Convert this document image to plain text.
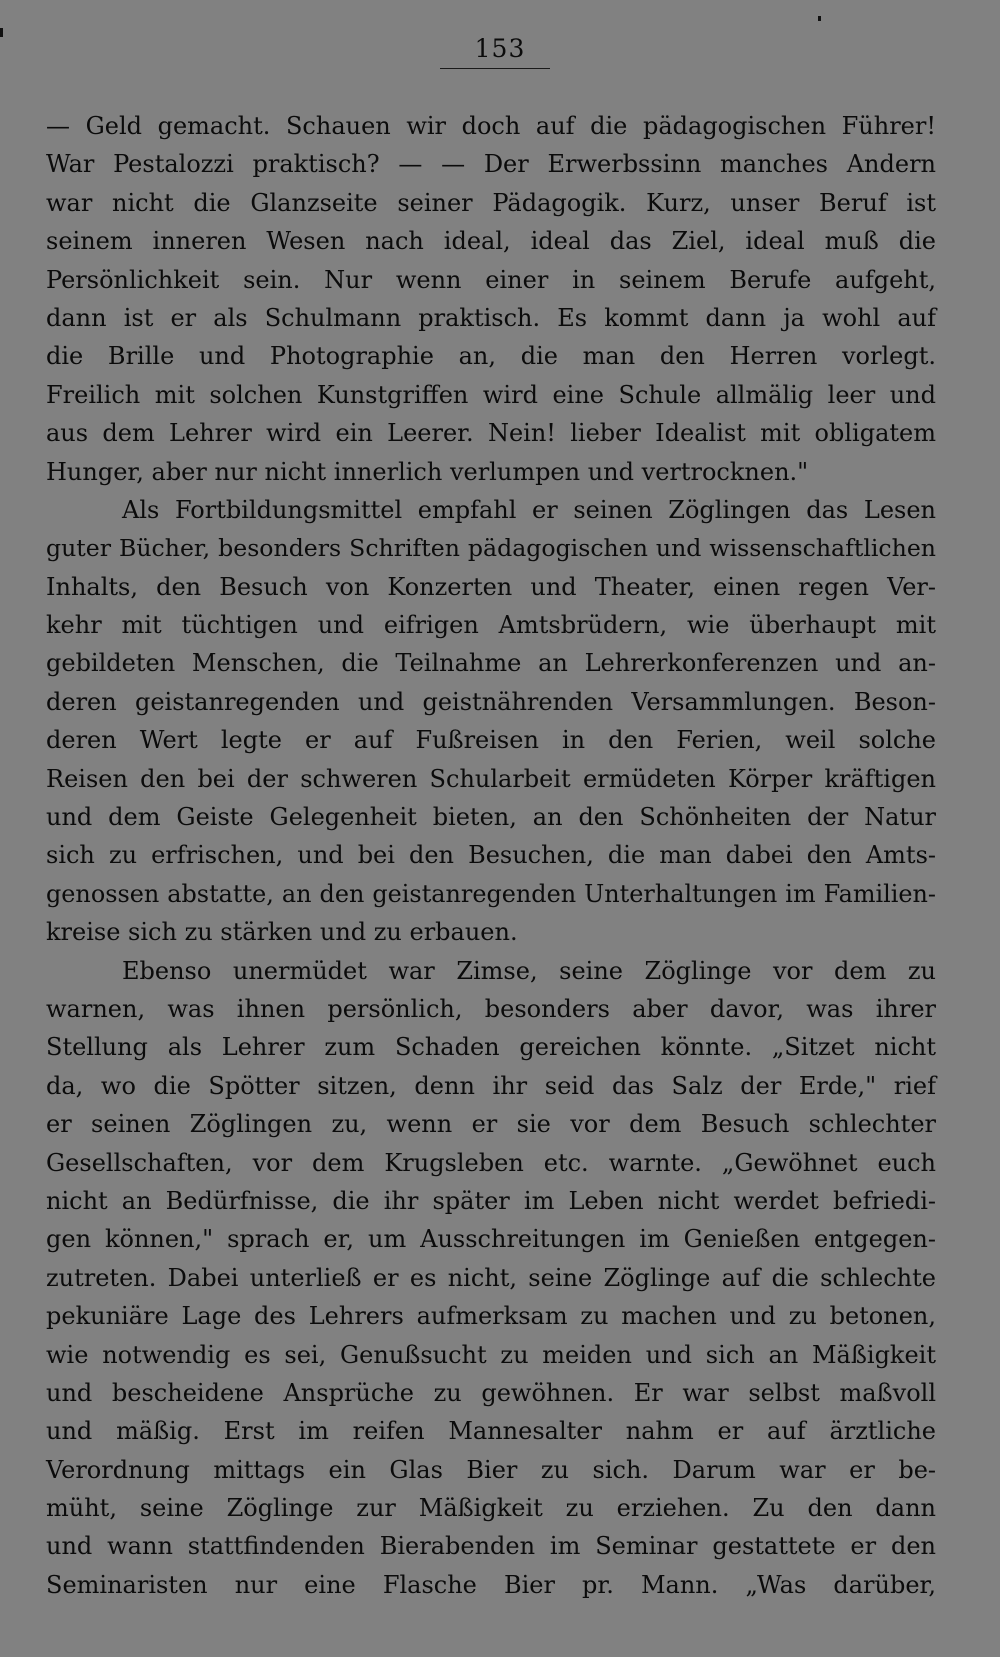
153
— Geld gemacht. Schauen wir doch auf die pädagogischen Führer!
War Pestalozzi praktisch? — — Der Erwerbssinn manches Andern
war nicht die Glanzseite seiner Pädagogik. Kurz, unser Beruf ist
seinem inneren Wesen nach ideal, ideal das Ziel, ideal muß die
Persönlichkeit sein. Nur wenn einer in seinem Berufe aufgeht,
dann ist er als Schulmann praktisch. Es kommt dann ja wohl auf
die Brille und Photographie an, die man den Herren vorlegt.
Freilich mit solchen Kunstgriffen wird eine Schule allmälig leer und
aus dem Lehrer wird ein Leerer. Nein! lieber Idealist mit obligatem
Hunger, aber nur nicht innerlich verlumpen und vertrocknen."
Als Fortbildungsmittel empfahl er seinen Zöglingen das Lesen
guter Bücher, besonders Schriften pädagogischen und wissenschaftlichen
Inhalts, den Besuch von Konzerten und Theater, einen regen Ver-
kehr mit tüchtigen und eifrigen Amtsbrüdern, wie überhaupt mit
gebildeten Menschen, die Teilnahme an Lehrerkonferenzen und an-
deren geistanregenden und geistnährenden Versammlungen. Beson-
deren Wert legte er auf Fußreisen in den Ferien, weil solche
Reisen den bei der schweren Schularbeit ermüdeten Körper kräftigen
und dem Geiste Gelegenheit bieten, an den Schönheiten der Natur
sich zu erfrischen, und bei den Besuchen, die man dabei den Amts-
genossen abstatte, an den geistanregenden Unterhaltungen im Familien-
kreise sich zu stärken und zu erbauen.
Ebenso unermüdet war Zimse, seine Zöglinge vor dem zu
warnen, was ihnen persönlich, besonders aber davor, was ihrer
Stellung als Lehrer zum Schaden gereichen könnte. „Sitzet nicht
da, wo die Spötter sitzen, denn ihr seid das Salz der Erde," rief
er seinen Zöglingen zu, wenn er sie vor dem Besuch schlechter
Gesellschaften, vor dem Krugsleben etc. warnte. „Gewöhnet euch
nicht an Bedürfnisse, die ihr später im Leben nicht werdet befriedi-
gen können," sprach er, um Ausschreitungen im Genießen entgegen-
zutreten. Dabei unterließ er es nicht, seine Zöglinge auf die schlechte
pekuniäre Lage des Lehrers aufmerksam zu machen und zu betonen,
wie notwendig es sei, Genußsucht zu meiden und sich an Mäßigkeit
und bescheidene Ansprüche zu gewöhnen. Er war selbst maßvoll
und mäßig. Erst im reifen Mannesalter nahm er auf ärztliche
Verordnung mittags ein Glas Bier zu sich. Darum war er be-
müht, seine Zöglinge zur Mäßigkeit zu erziehen. Zu den dann
und wann stattfindenden Bierabenden im Seminar gestattete er den
Seminaristen nur eine Flasche Bier pr. Mann. „Was darüber,
